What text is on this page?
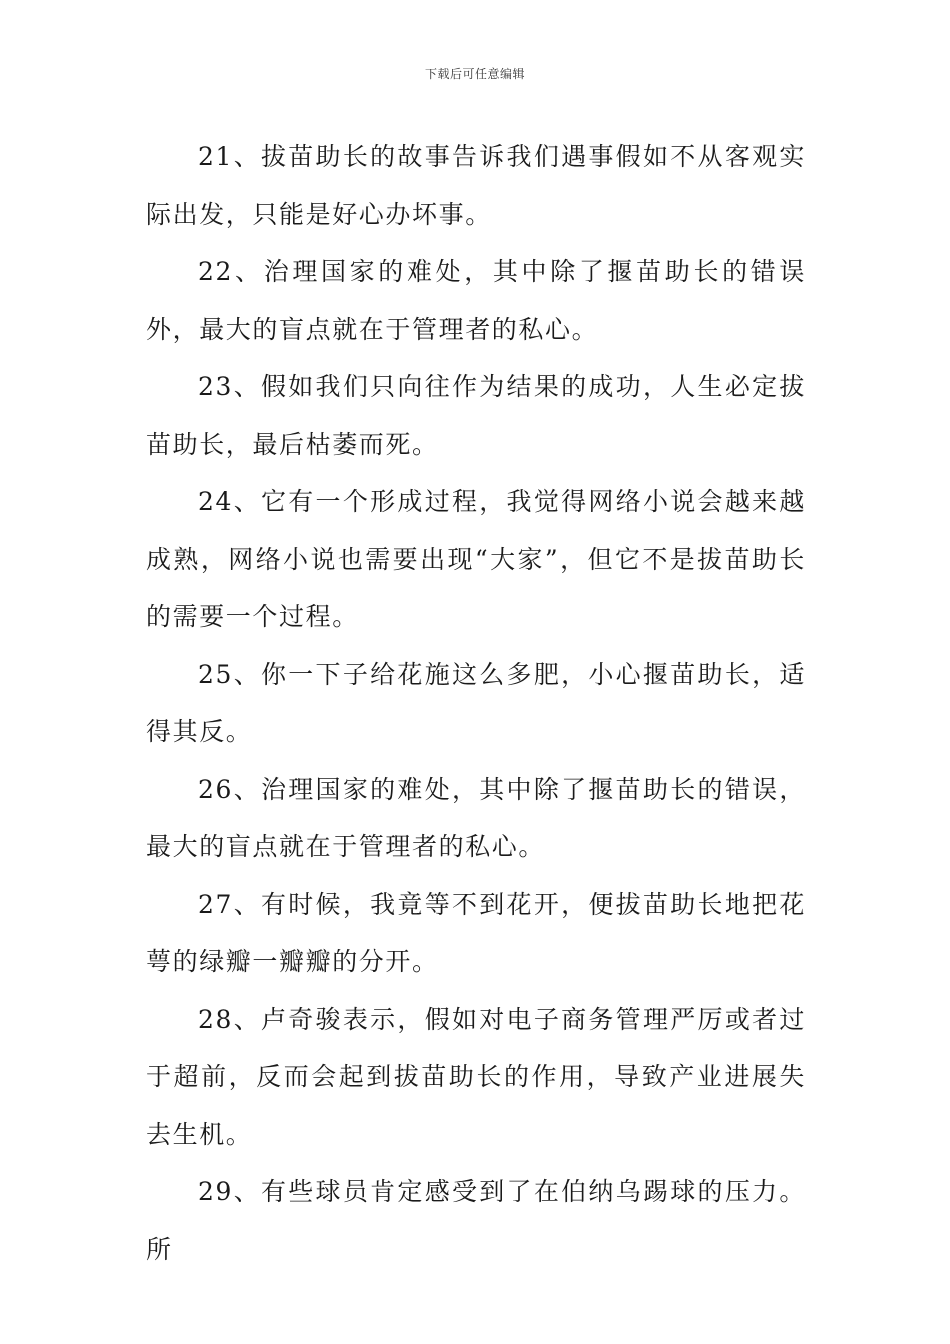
下载后可任意编辑

21、拔苗助长的故事告诉我们遇事假如不从客观实际出发，只能是好心办坏事。

22、治理国家的难处，其中除了揠苗助长的错误外，最大的盲点就在于管理者的私心。

23、假如我们只向往作为结果的成功，人生必定拔苗助长，最后枯萎而死。

24、它有一个形成过程，我觉得网络小说会越来越成熟，网络小说也需要出现“大家”，但它不是拔苗助长的需要一个过程。

25、你一下子给花施这么多肥，小心揠苗助长，适得其反。

26、治理国家的难处，其中除了揠苗助长的错误，最大的盲点就在于管理者的私心。

27、有时候，我竟等不到花开，便拔苗助长地把花萼的绿瓣一瓣瓣的分开。

28、卢奇骏表示，假如对电子商务管理严厉或者过于超前，反而会起到拔苗助长的作用，导致产业进展失去生机。

29、有些球员肯定感受到了在伯纳乌踢球的压力。所
